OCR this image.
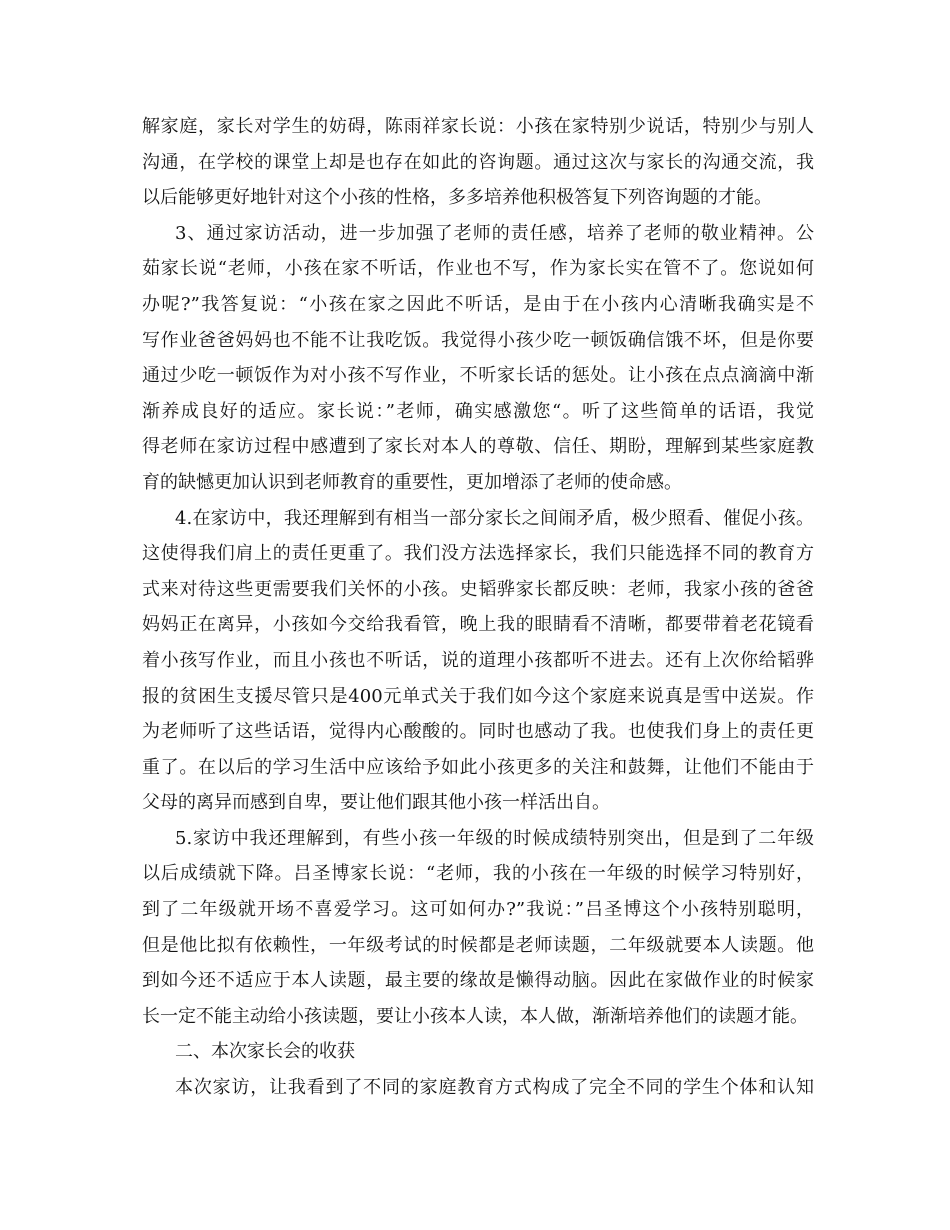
解家庭，家长对学生的妨碍，陈雨祥家长说：小孩在家特别少说话，特别少与别人
沟通，在学校的课堂上却是也存在如此的咨询题。通过这次与家长的沟通交流，我
以后能够更好地针对这个小孩的性格，多多培养他积极答复下列咨询题的才能。
3、通过家访活动，进一步加强了老师的责任感，培养了老师的敬业精神。公
茹家长说“老师，小孩在家不听话，作业也不写，作为家长实在管不了。您说如何
办呢?”我答复说：“小孩在家之因此不听话，是由于在小孩内心清晰我确实是不
写作业爸爸妈妈也不能不让我吃饭。我觉得小孩少吃一顿饭确信饿不坏，但是你要
通过少吃一顿饭作为对小孩不写作业，不听家长话的惩处。让小孩在点点滴滴中渐
渐养成良好的适应。家长说：”老师，确实感激您“。听了这些简单的话语，我觉
得老师在家访过程中感遭到了家长对本人的尊敬、信任、期盼，理解到某些家庭教
育的缺憾更加认识到老师教育的重要性，更加增添了老师的使命感。
4.在家访中，我还理解到有相当一部分家长之间闹矛盾，极少照看、催促小孩。
这使得我们肩上的责任更重了。我们没方法选择家长，我们只能选择不同的教育方
式来对待这些更需要我们关怀的小孩。史韬骅家长都反映：老师，我家小孩的爸爸
妈妈正在离异，小孩如今交给我看管，晚上我的眼睛看不清晰，都要带着老花镜看
着小孩写作业，而且小孩也不听话，说的道理小孩都听不进去。还有上次你给韬骅
报的贫困生支援尽管只是400元单式关于我们如今这个家庭来说真是雪中送炭。作
为老师听了这些话语，觉得内心酸酸的。同时也感动了我。也使我们身上的责任更
重了。在以后的学习生活中应该给予如此小孩更多的关注和鼓舞，让他们不能由于
父母的离异而感到自卑，要让他们跟其他小孩一样活出自。
5.家访中我还理解到，有些小孩一年级的时候成绩特别突出，但是到了二年级
以后成绩就下降。吕圣博家长说：“老师，我的小孩在一年级的时候学习特别好，
到了二年级就开场不喜爱学习。这可如何办?”我说：”吕圣博这个小孩特别聪明，
但是他比拟有依赖性，一年级考试的时候都是老师读题，二年级就要本人读题。他
到如今还不适应于本人读题，最主要的缘故是懒得动脑。因此在家做作业的时候家
长一定不能主动给小孩读题，要让小孩本人读，本人做，渐渐培养他们的读题才能。
二、本次家长会的收获
本次家访，让我看到了不同的家庭教育方式构成了完全不同的学生个体和认知
